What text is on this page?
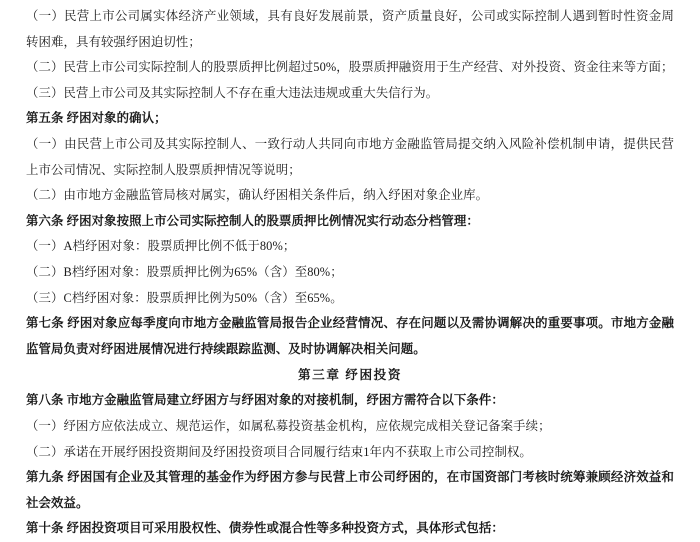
（一）民营上市公司属实体经济产业领域，具有良好发展前景，资产质量良好，公司或实际控制人遇到暂时性资金周转困难，具有较强纾困迫切性；

（二）民营上市公司实际控制人的股票质押比例超过50%，股票质押融资用于生产经营、对外投资、资金往来等方面；

（三）民营上市公司及其实际控制人不存在重大违法违规或重大失信行为。

第五条 纾困对象的确认；

（一）由民营上市公司及其实际控制人、一致行动人共同向市地方金融监管局提交纳入风险补偿机制申请，提供民营上市公司情况、实际控制人股票质押情况等说明；

（二）由市地方金融监管局核对属实，确认纾困相关条件后，纳入纾困对象企业库。

第六条 纾困对象按照上市公司实际控制人的股票质押比例情况实行动态分档管理：

（一）A档纾困对象：股票质押比例不低于80%；

（二）B档纾困对象：股票质押比例为65%（含）至80%；

（三）C档纾困对象：股票质押比例为50%（含）至65%。

第七条 纾困对象应每季度向市地方金融监管局报告企业经营情况、存在问题以及需协调解决的重要事项。市地方金融监管局负责对纾困进展情况进行持续跟踪监测、及时协调解决相关问题。

第三章 纾困投资

第八条 市地方金融监管局建立纾困方与纾困对象的对接机制，纾困方需符合以下条件：

（一）纾困方应依法成立、规范运作，如属私募投资基金机构，应依规完成相关登记备案手续；

（二）承诺在开展纾困投资期间及纾困投资项目合同履行结束1年内不获取上市公司控制权。

第九条 纾困国有企业及其管理的基金作为纾困方参与民营上市公司纾困的，在市国资部门考核时统筹兼顾经济效益和社会效益。

第十条 纾困投资项目可采用股权性、债券性或混合性等多种投资方式，具体形式包括：
